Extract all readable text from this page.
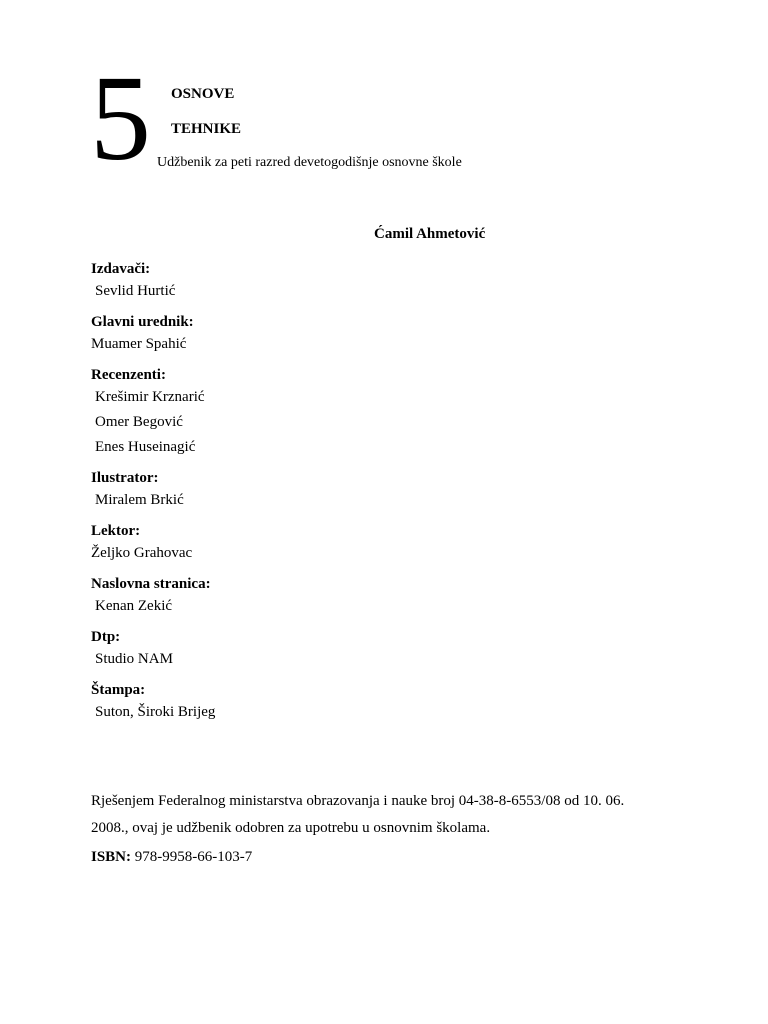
5 OSNOVE
TEHNIKE
Udžbenik za peti razred devetogodišnje osnovne škole
Ćamil Ahmetović
Izdavači:
Sevlid Hurtić
Glavni urednik:
Muamer Spahić
Recenzenti:
Krešimir Krznarić
Omer Begović
Enes Huseinagić
Ilustrator:
Miralem Brkić
Lektor:
Željko Grahovac
Naslovna stranica:
Kenan Zekić
Dtp:
Studio NAM
Štampa:
Suton, Široki Brijeg
Rješenjem Federalnog ministarstva obrazovanja i nauke broj 04-38-8-6553/08 od 10. 06.
2008., ovaj je udžbenik odobren za upotrebu u osnovnim školama.
ISBN: 978-9958-66-103-7
